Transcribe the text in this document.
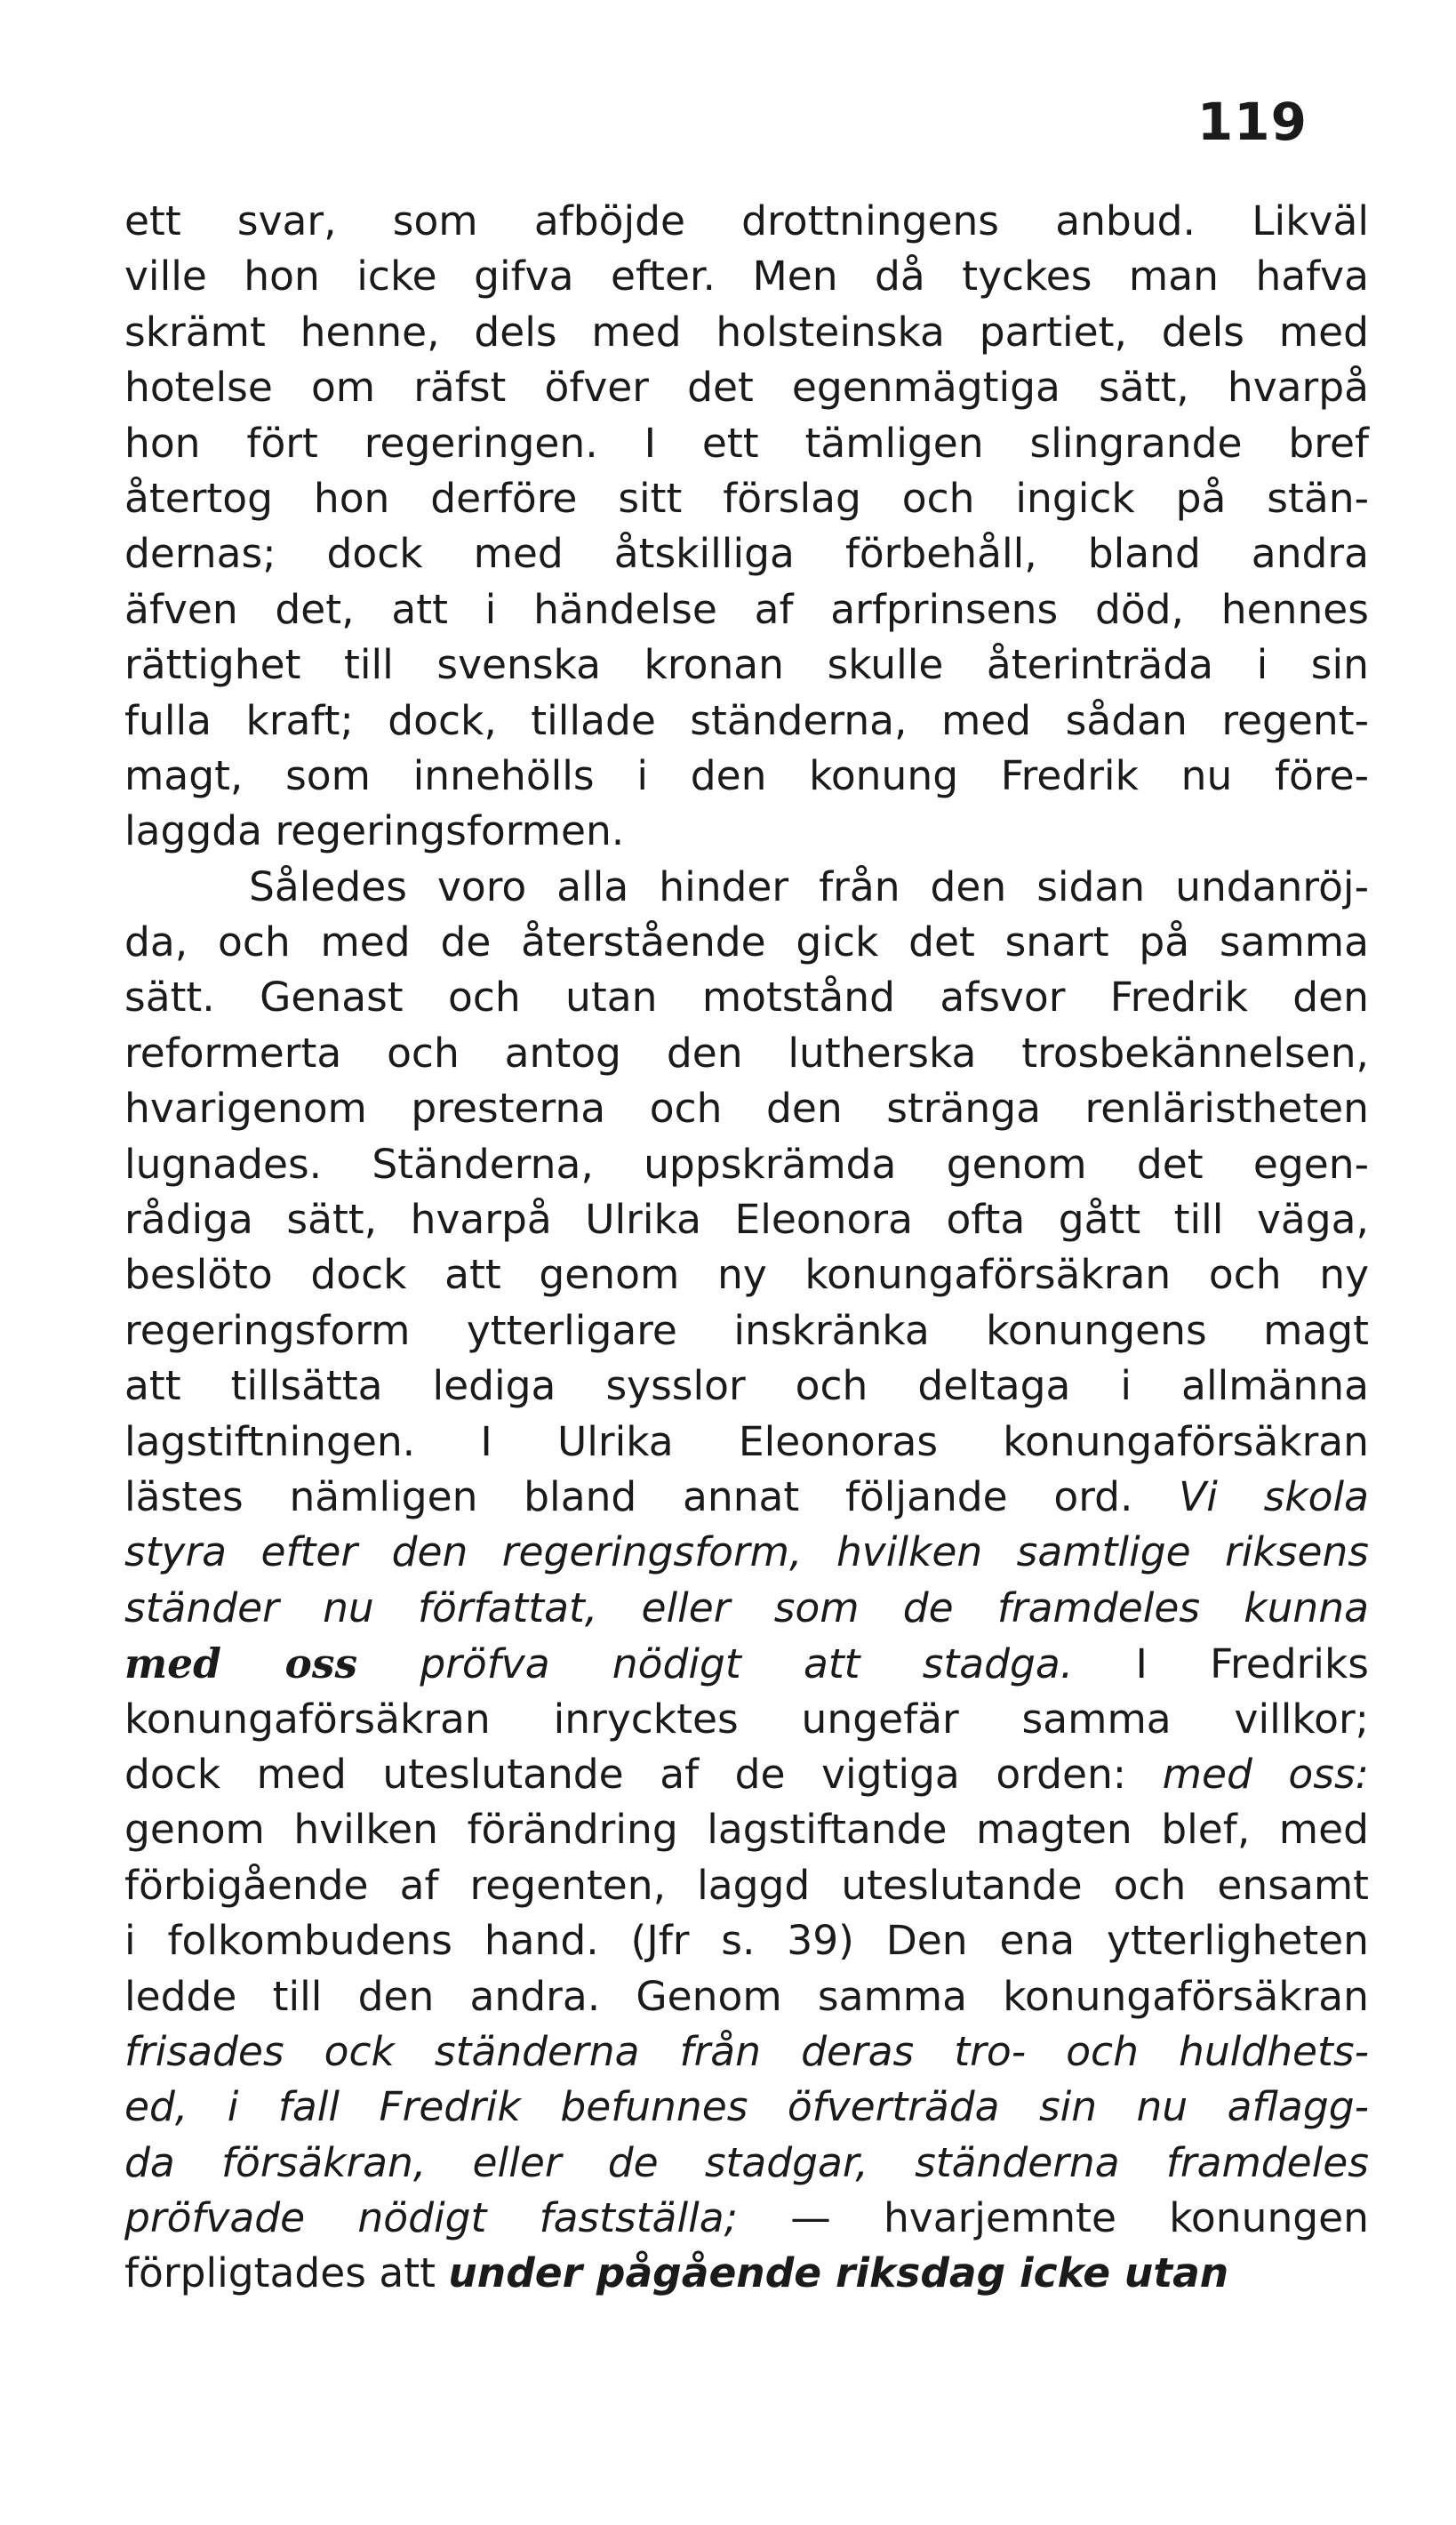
119
ett svar, som afböjde drottningens anbud. Likväl
ville hon icke gifva efter. Men då tyckes man hafva
skrämt henne, dels med holsteinska partiet, dels med
hotelse om räfst öfver det egenmägtiga sätt, hvarpå
hon fört regeringen. I ett tämligen slingrande bref
återtog hon derföre sitt förslag och ingick på stän-
dernas; dock med åtskilliga förbehåll, bland andra
äfven det, att i händelse af arfprinsens död, hennes
rättighet till svenska kronan skulle återinträda i sin
fulla kraft; dock, tillade ständerna, med sådan regent-
magt, som innehölls i den konung Fredrik nu före-
laggda regeringsformen.
Således voro alla hinder från den sidan undanröj-
da, och med de återstående gick det snart på samma
sätt. Genast och utan motstånd afsvor Fredrik den
reformerta och antog den lutherska trosbekännelsen,
hvarigenom presterna och den stränga renläristheten
lugnades. Ständerna, uppskrämda genom det egen-
rådiga sätt, hvarpå Ulrika Eleonora ofta gått till väga,
beslöto dock att genom ny konungaförsäkran och ny
regeringsform ytterligare inskränka konungens magt
att tillsätta lediga sysslor och deltaga i allmänna
lagstiftningen. I Ulrika Eleonoras konungaförsäkran
lästes nämligen bland annat följande ord. Vi skola
styra efter den regeringsform, hvilken samtlige riksens
ständer nu författat, eller som de framdeles kunna
med oss pröfva nödigt att stadga. I Fredriks
konungaförsäkran inrycktes ungefär samma villkor;
dock med uteslutande af de vigtiga orden: med oss:
genom hvilken förändring lagstiftande magten blef, med
förbigående af regenten, laggd uteslutande och ensamt
i folkombudens hand. (Jfr s. 39) Den ena ytterligheten
ledde till den andra. Genom samma konungaförsäkran
frisades ock ständerna från deras tro- och huldhets-
ed, i fall Fredrik befunnes öfverträda sin nu aflagg-
da försäkran, eller de stadgar, ständerna framdeles
pröfvade nödigt fastställa; — hvarjemnte konungen
förpligtades att under pågående riksdag icke utan
